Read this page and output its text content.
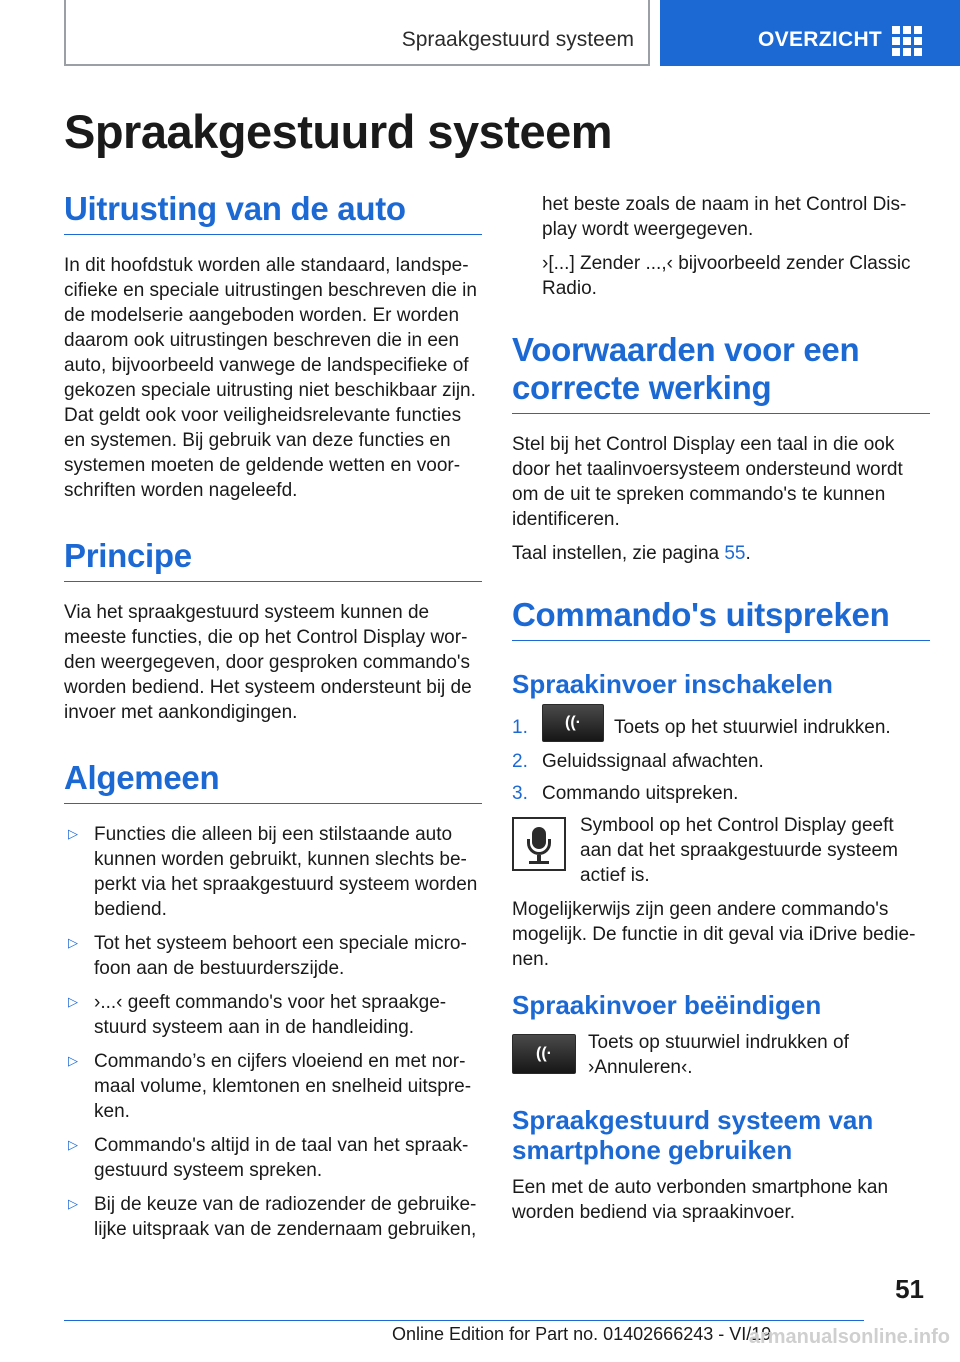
Spraakgestuurd systeem	OVERZICHT
Spraakgestuurd systeem
Uitrusting van de auto

In dit hoofdstuk worden alle standaard, landspecifieke en speciale uitrustingen beschreven die in de modelserie aangeboden worden. Er worden daarom ook uitrustingen beschreven die in een auto, bijvoorbeeld vanwege de landspecifieke of gekozen speciale uitrusting niet beschikbaar zijn. Dat geldt ook voor veiligheidsrelevante functies en systemen. Bij gebruik van deze functies en systemen moeten de geldende wetten en voorschriften worden nageleefd.

Principe

Via het spraakgestuurd systeem kunnen de meeste functies, die op het Control Display worden weergegeven, door gesproken commando's worden bediend. Het systeem ondersteunt bij de invoer met aankondigingen.

Algemeen
▷ Functies die alleen bij een stilstaande auto kunnen worden gebruikt, kunnen slechts beperkt via het spraakgestuurd systeem worden bediend.
▷ Tot het systeem behoort een speciale microfoon aan de bestuurderszijde.
▷ ›...‹ geeft commando's voor het spraakgestuurd systeem aan in de handleiding.
▷ Commando’s en cijfers vloeiend en met normaal volume, klemtonen en snelheid uitspreken.
▷ Commando's altijd in de taal van het spraakgestuurd systeem spreken.
▷ Bij de keuze van de radiozender de gebruikelijke uitspraak van de zendernaam gebruiken,

het beste zoals de naam in het Control Display wordt weergegeven.

›[...] Zender ...,‹ bijvoorbeeld zender Classic Radio.

Voorwaarden voor een correcte werking

Stel bij het Control Display een taal in die ook door het taalinvoersysteem ondersteund wordt om de uit te spreken commando's te kunnen identificeren.

Taal instellen, zie pagina 55.

Commando's uitspreken
Spraakinvoer inschakelen
1.	((·	Toets op het stuurwiel indrukken.
2. Geluidssignaal afwachten.
3. Commando uitspreken.

Symbool op het Control Display geeft aan dat het spraakgestuurde systeem actief is.

Mogelijkerwijs zijn geen andere commando's mogelijk. De functie in dit geval via iDrive bedienen.

Spraakinvoer beëindigen
((·

Toets op stuurwiel indrukken of ›Annuleren‹.

Spraakgestuurd systeem van smartphone gebruiken

Een met de auto verbonden smartphone kan worden bediend via spraakinvoer.

51
Online Edition for Part no. 01402666243 - VI/19
armanualsonline.info
